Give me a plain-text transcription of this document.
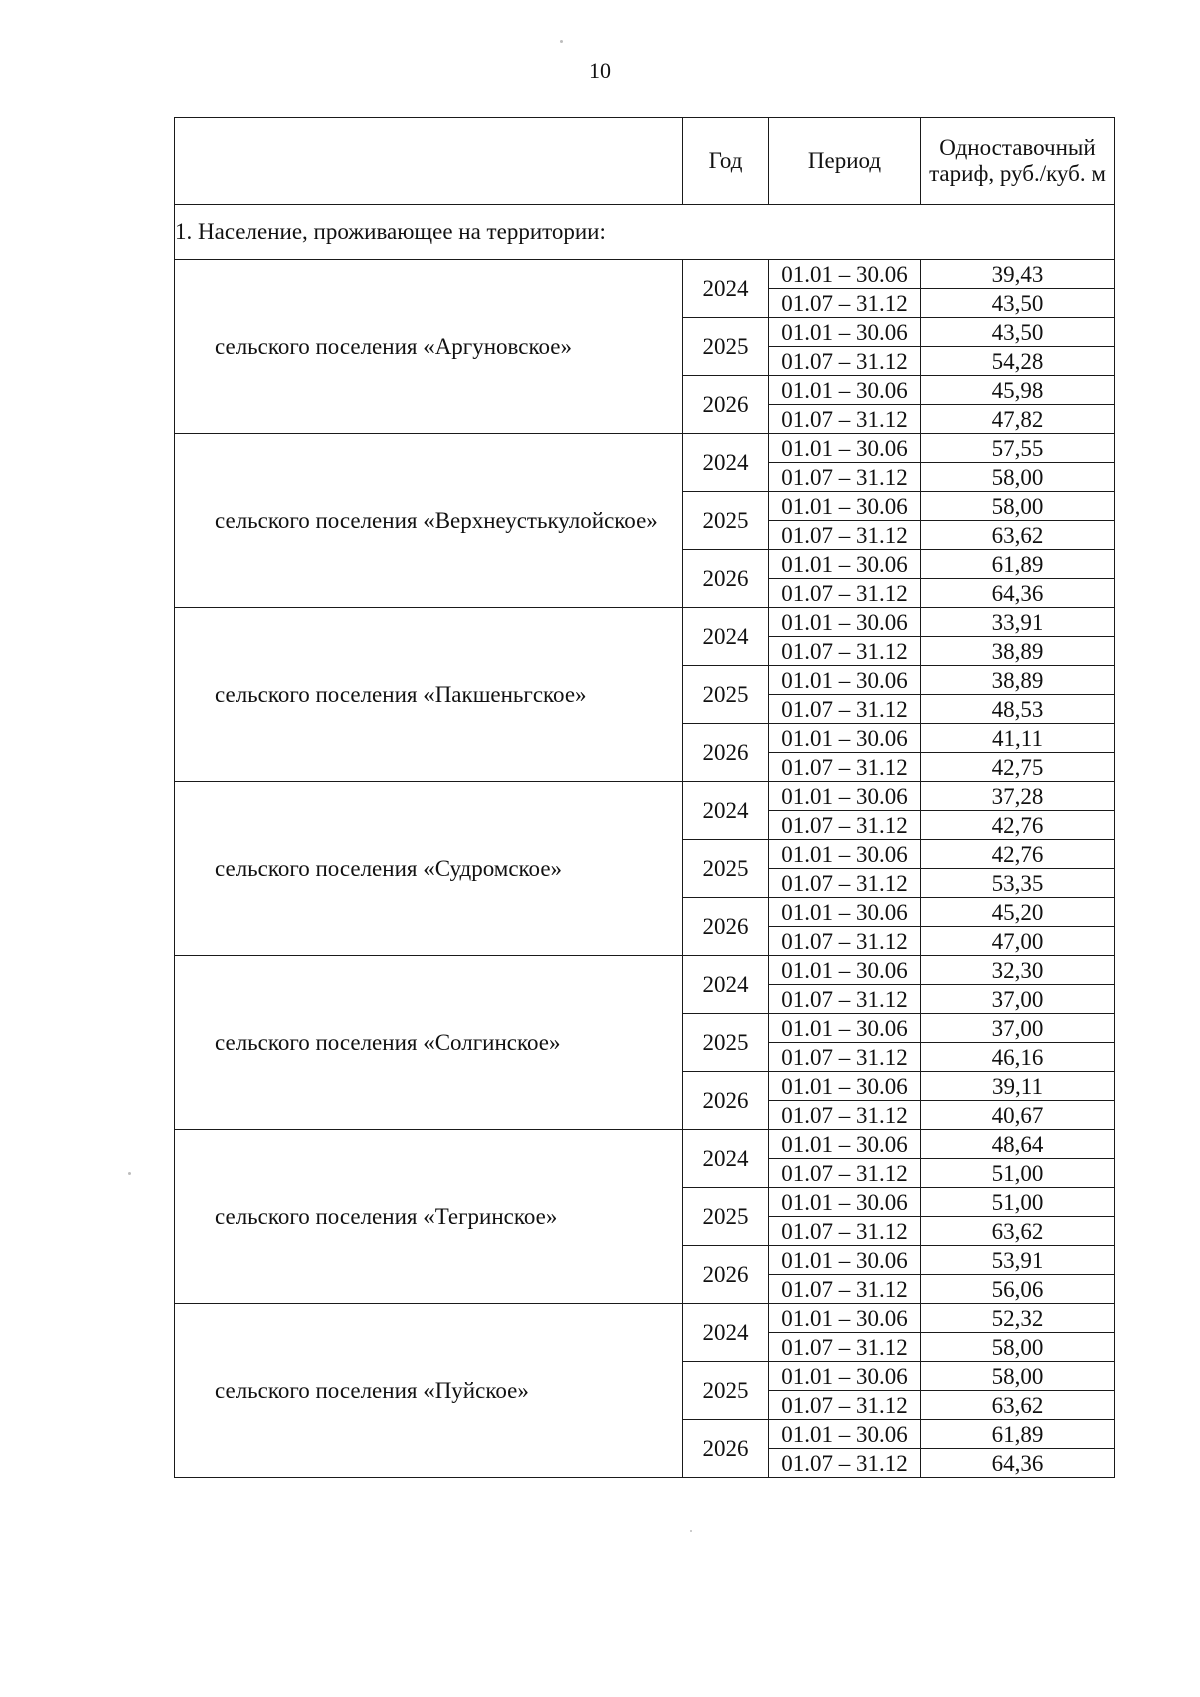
10
	Год	Период	Одноставочный тариф, руб./куб. м
1. Население, проживающее на территории:			
сельского поселения «Аргуновское»	2024	01.01 – 30.06	39,43
		01.07 – 31.12	43,50
	2025	01.01 – 30.06	43,50
		01.07 – 31.12	54,28
	2026	01.01 – 30.06	45,98
		01.07 – 31.12	47,82
сельского поселения «Верхнеустькулойское»	2024	01.01 – 30.06	57,55
		01.07 – 31.12	58,00
	2025	01.01 – 30.06	58,00
		01.07 – 31.12	63,62
	2026	01.01 – 30.06	61,89
		01.07 – 31.12	64,36
сельского поселения «Пакшеньгское»	2024	01.01 – 30.06	33,91
		01.07 – 31.12	38,89
	2025	01.01 – 30.06	38,89
		01.07 – 31.12	48,53
	2026	01.01 – 30.06	41,11
		01.07 – 31.12	42,75
сельского поселения «Судромское»	2024	01.01 – 30.06	37,28
		01.07 – 31.12	42,76
	2025	01.01 – 30.06	42,76
		01.07 – 31.12	53,35
	2026	01.01 – 30.06	45,20
		01.07 – 31.12	47,00
сельского поселения «Солгинское»	2024	01.01 – 30.06	32,30
		01.07 – 31.12	37,00
	2025	01.01 – 30.06	37,00
		01.07 – 31.12	46,16
	2026	01.01 – 30.06	39,11
		01.07 – 31.12	40,67
сельского поселения «Тегринское»	2024	01.01 – 30.06	48,64
		01.07 – 31.12	51,00
	2025	01.01 – 30.06	51,00
		01.07 – 31.12	63,62
	2026	01.01 – 30.06	53,91
		01.07 – 31.12	56,06
сельского поселения «Пуйское»	2024	01.01 – 30.06	52,32
		01.07 – 31.12	58,00
	2025	01.01 – 30.06	58,00
		01.07 – 31.12	63,62
	2026	01.01 – 30.06	61,89
		01.07 – 31.12	64,36
